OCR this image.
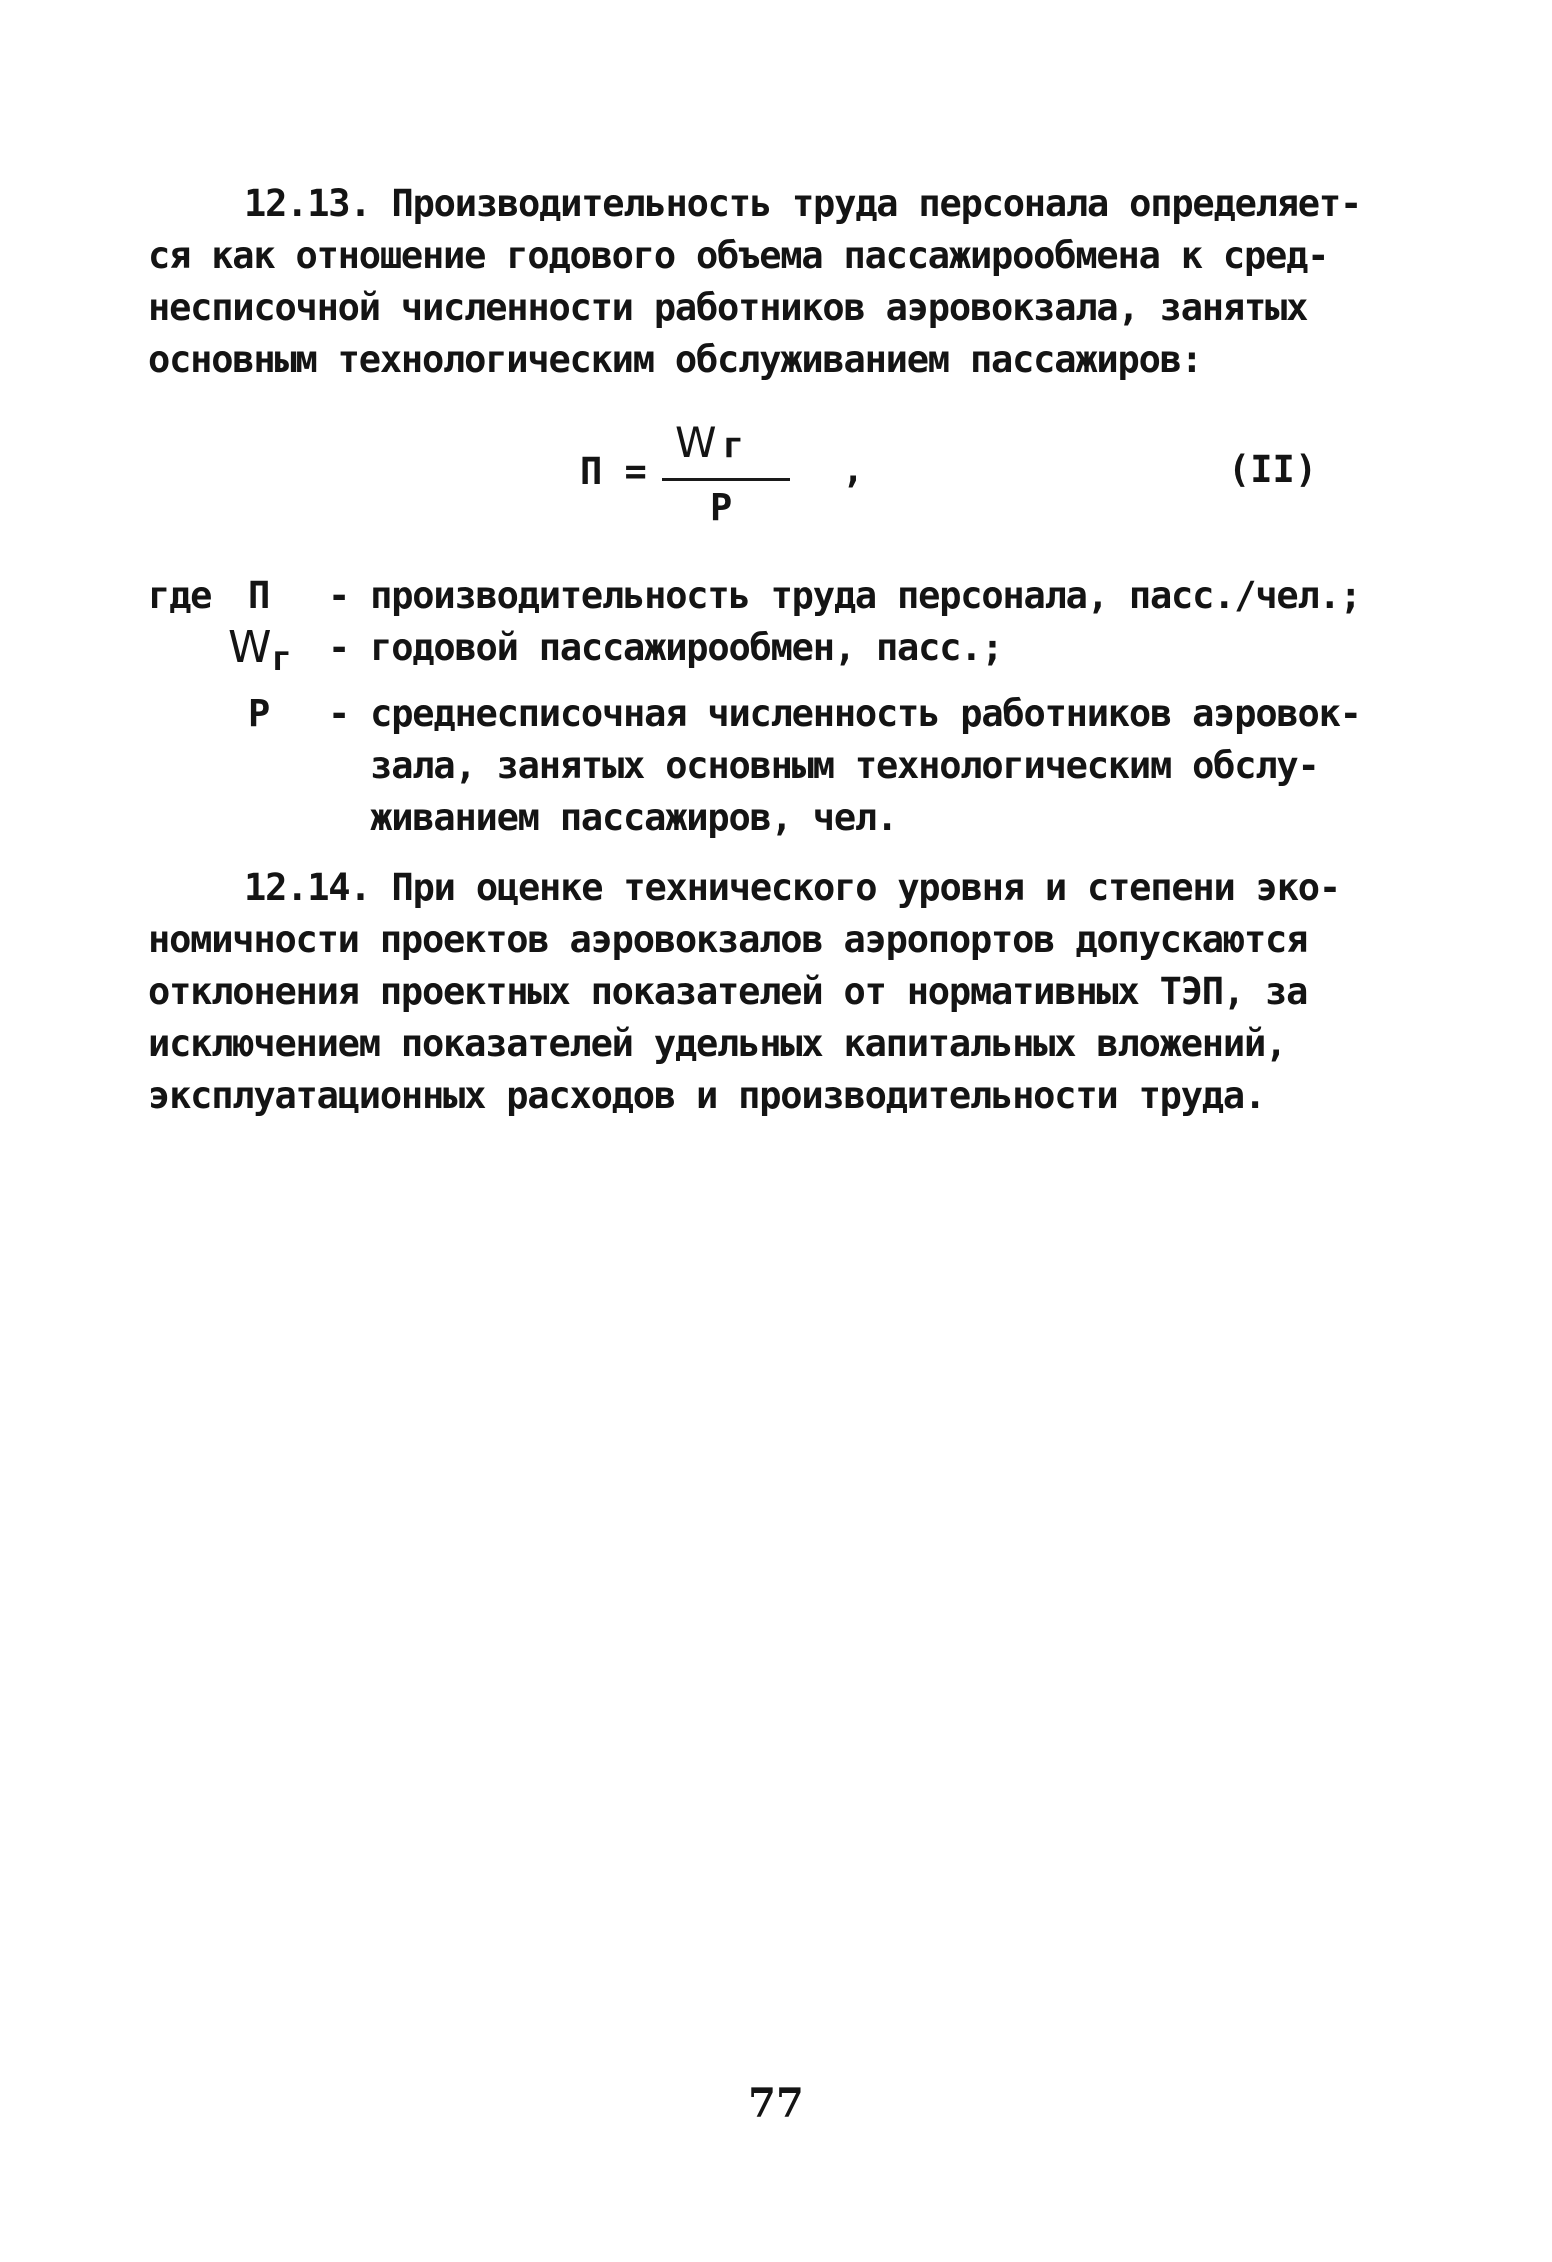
12.13. Производительность труда персонала определяет-
ся как отношение годового объема пассажирообмена к сред-
несписочной численности работников аэровокзала, занятых
основным технологическим обслуживанием пассажиров:
П =
W г
Р
,	(II)
где П - производительность труда персонала, пасс./чел.;
$W_г$ - годовой пассажирообмен, пасс.;
Р - среднесписочная численность работников аэровок-
зала, занятых основным технологическим обслу-
живанием пассажиров, чел.
12.14. При оценке технического уровня и степени эко-
номичности проектов аэровокзалов аэропортов допускаются
отклонения проектных показателей от нормативных ТЭП, за
исключением показателей удельных капитальных вложений,
эксплуатационных расходов и производительности труда.
77
